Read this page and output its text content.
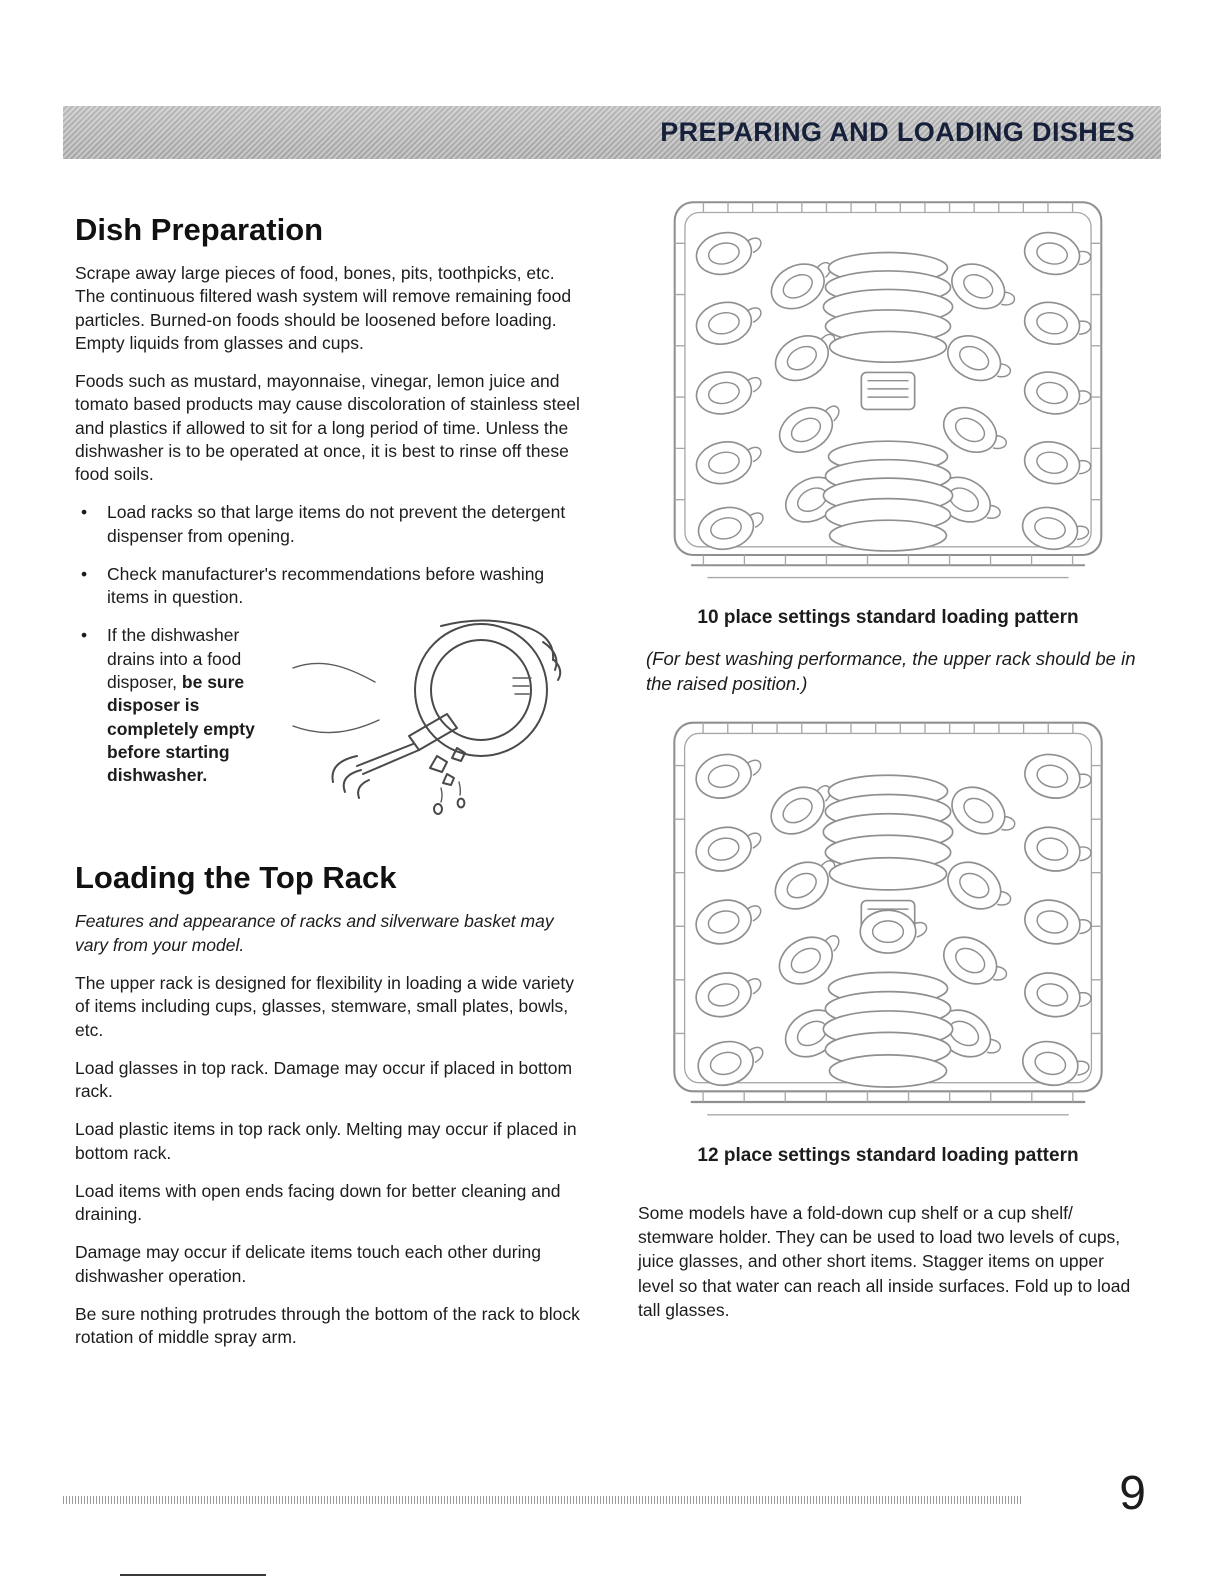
PREPARING AND LOADING DISHES
Dish Preparation

Scrape away large pieces of food, bones, pits, toothpicks, etc. The continuous filtered wash system will remove remaining food particles. Burned-on foods should be loosened before loading. Empty liquids from glasses and cups.

Foods such as mustard, mayonnaise, vinegar, lemon juice and tomato based products may cause discoloration of stainless steel and plastics if allowed to sit for a long period of time. Unless the dishwasher is to be operated at once, it is best to rinse off these food soils.

• Load racks so that large items do not prevent the detergent dispenser from opening.
• Check manufacturer's recommendations before washing items in question.
• If the dishwasher drains into a food disposer, be sure disposer is completely empty before starting dishwasher.
Loading the Top Rack

Features and appearance of racks and silverware basket may vary from your model.

The upper rack is designed for flexibility in loading a wide variety of items including cups, glasses, stemware, small plates, bowls, etc.

Load glasses in top rack. Damage may occur if placed in bottom rack.

Load plastic items in top rack only. Melting may occur if placed in bottom rack.

Load items with open ends facing down for better cleaning and draining.

Damage may occur if delicate items touch each other during dishwasher operation.

Be sure nothing protrudes through the bottom of the rack to block rotation of middle spray arm.

10 place settings standard loading pattern

(For best washing performance, the upper rack should be in the raised position.)

12 place settings standard loading pattern

Some models have a fold-down cup shelf or a cup shelf/ stemware holder. They can be used to load two levels of cups, juice glasses, and other short items. Stagger items on upper level so that water can reach all inside surfaces. Fold up to load tall glasses.

9
